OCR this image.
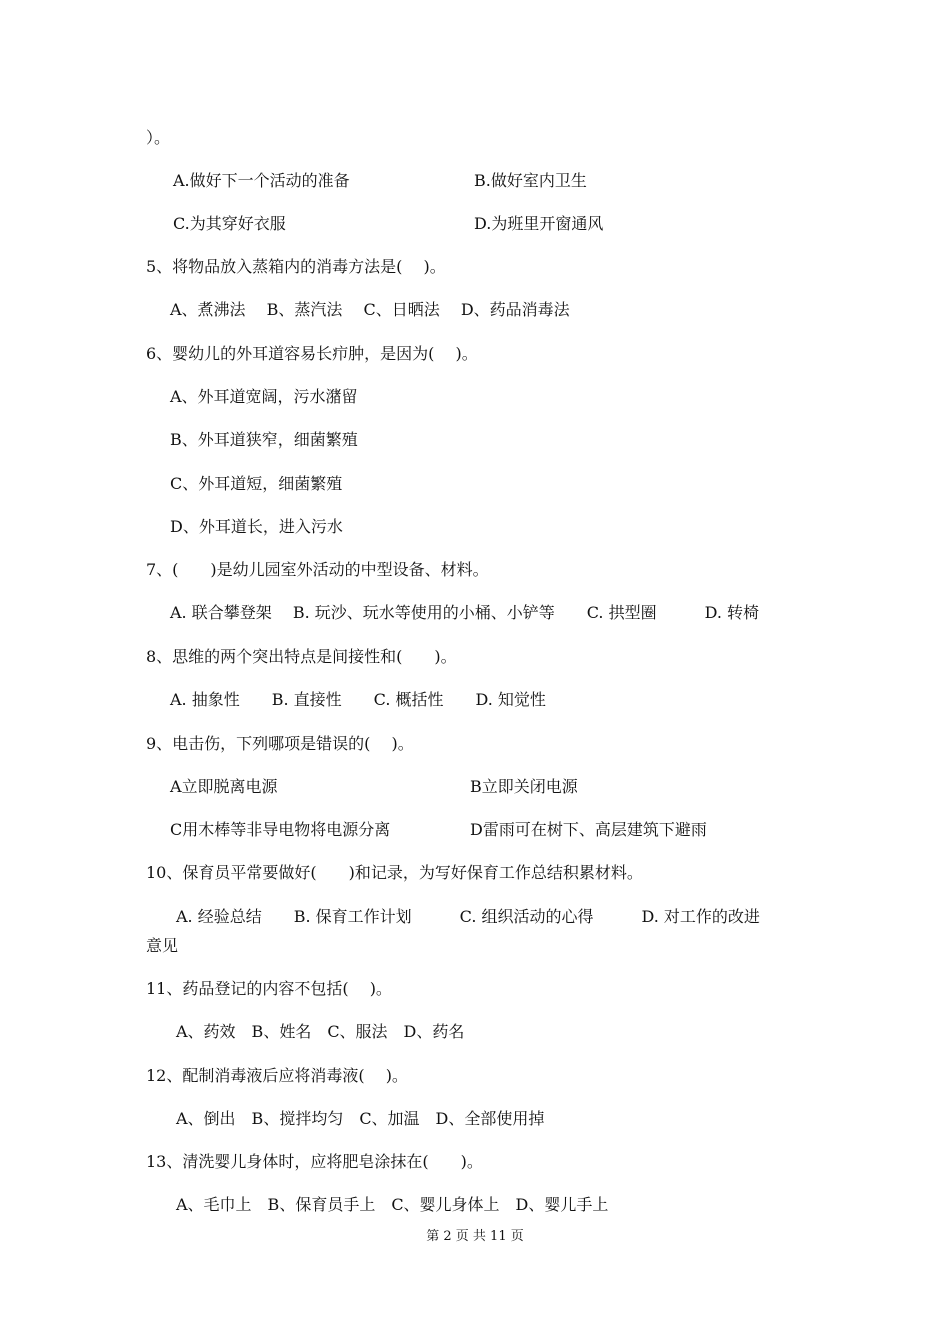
）。
A.做好下一个活动的准备	B.做好室内卫生
C.为其穿好衣服	D.为班里开窗通风
5、将物品放入蒸箱内的消毒方法是(　 )。
A、煮沸法　 B、蒸汽法　 C、日晒法　 D、药品消毒法
6、婴幼儿的外耳道容易长疖肿，是因为(　 )。
A、外耳道宽阔，污水潴留
B、外耳道狭窄，细菌繁殖
C、外耳道短，细菌繁殖
D、外耳道长，进入污水
7、(　　)是幼儿园室外活动的中型设备、材料。
A. 联合攀登架　 B. 玩沙、玩水等使用的小桶、小铲等　　C. 拱型圈　　　D. 转椅
8、思维的两个突出特点是间接性和(　　)。
A. 抽象性　　B. 直接性　　C. 概括性　　D. 知觉性
9、电击伤，下列哪项是错误的(　 )。
A立即脱离电源	B立即关闭电源
C用木棒等非导电物将电源分离	D雷雨可在树下、高层建筑下避雨
10、保育员平常要做好(　　)和记录，为写好保育工作总结积累材料。
A. 经验总结　　B. 保育工作计划　　　C. 组织活动的心得　　　D. 对工作的改进
意见
11、药品登记的内容不包括(　 )。
A、药效　B、姓名　C、服法　D、药名
12、配制消毒液后应将消毒液(　 )。
A、倒出　B、搅拌均匀　C、加温　D、全部使用掉
13、清洗婴儿身体时，应将肥皂涂抹在(　　)。
A、毛巾上　B、保育员手上　C、婴儿身体上　D、婴儿手上
第 2 页 共 11 页
